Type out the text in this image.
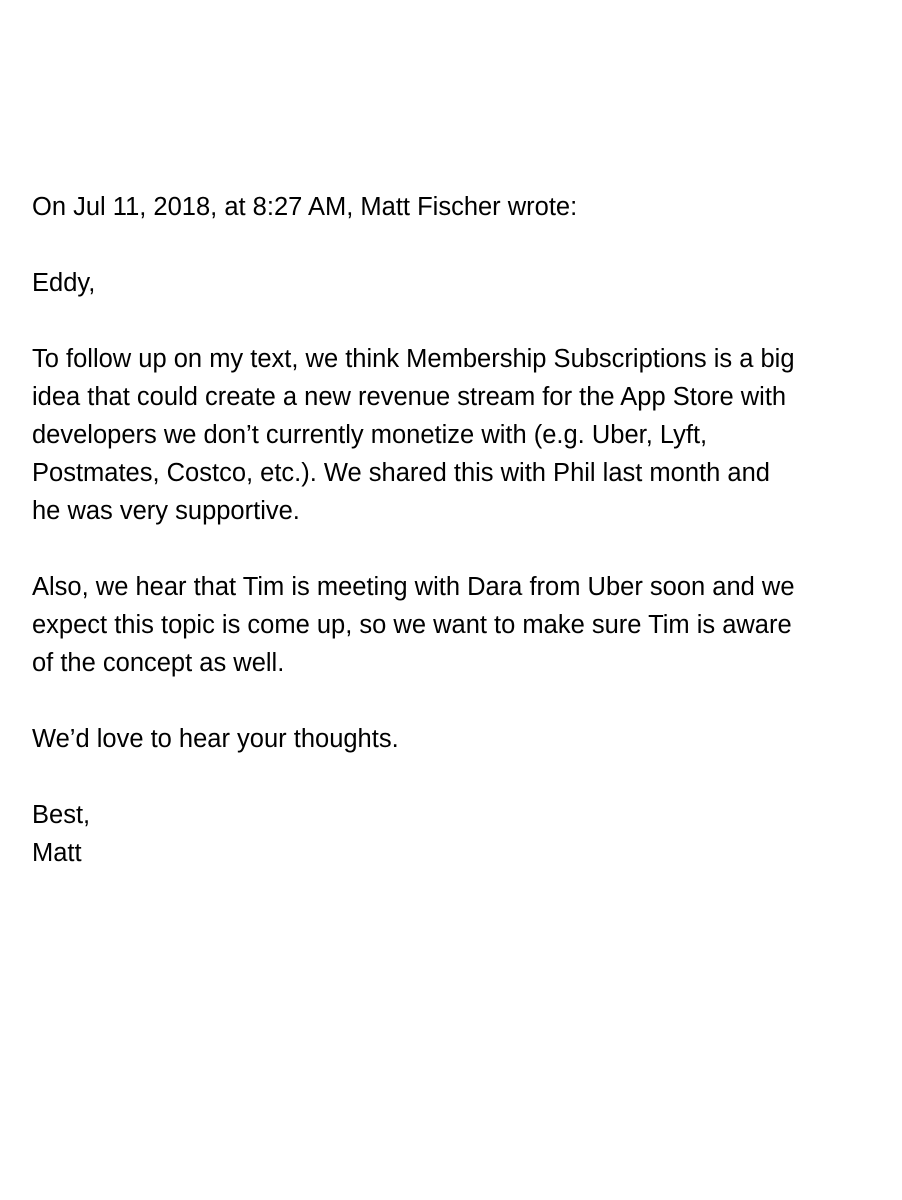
On Jul 11, 2018, at 8:27 AM, Matt Fischer wrote:

Eddy,

To follow up on my text, we think Membership Subscriptions is a big
idea that could create a new revenue stream for the App Store with
developers we don’t currently monetize with (e.g. Uber, Lyft,
Postmates, Costco, etc.). We shared this with Phil last month and
he was very supportive.

Also, we hear that Tim is meeting with Dara from Uber soon and we
expect this topic is come up, so we want to make sure Tim is aware
of the concept as well.

We’d love to hear your thoughts.

Best,

Matt
